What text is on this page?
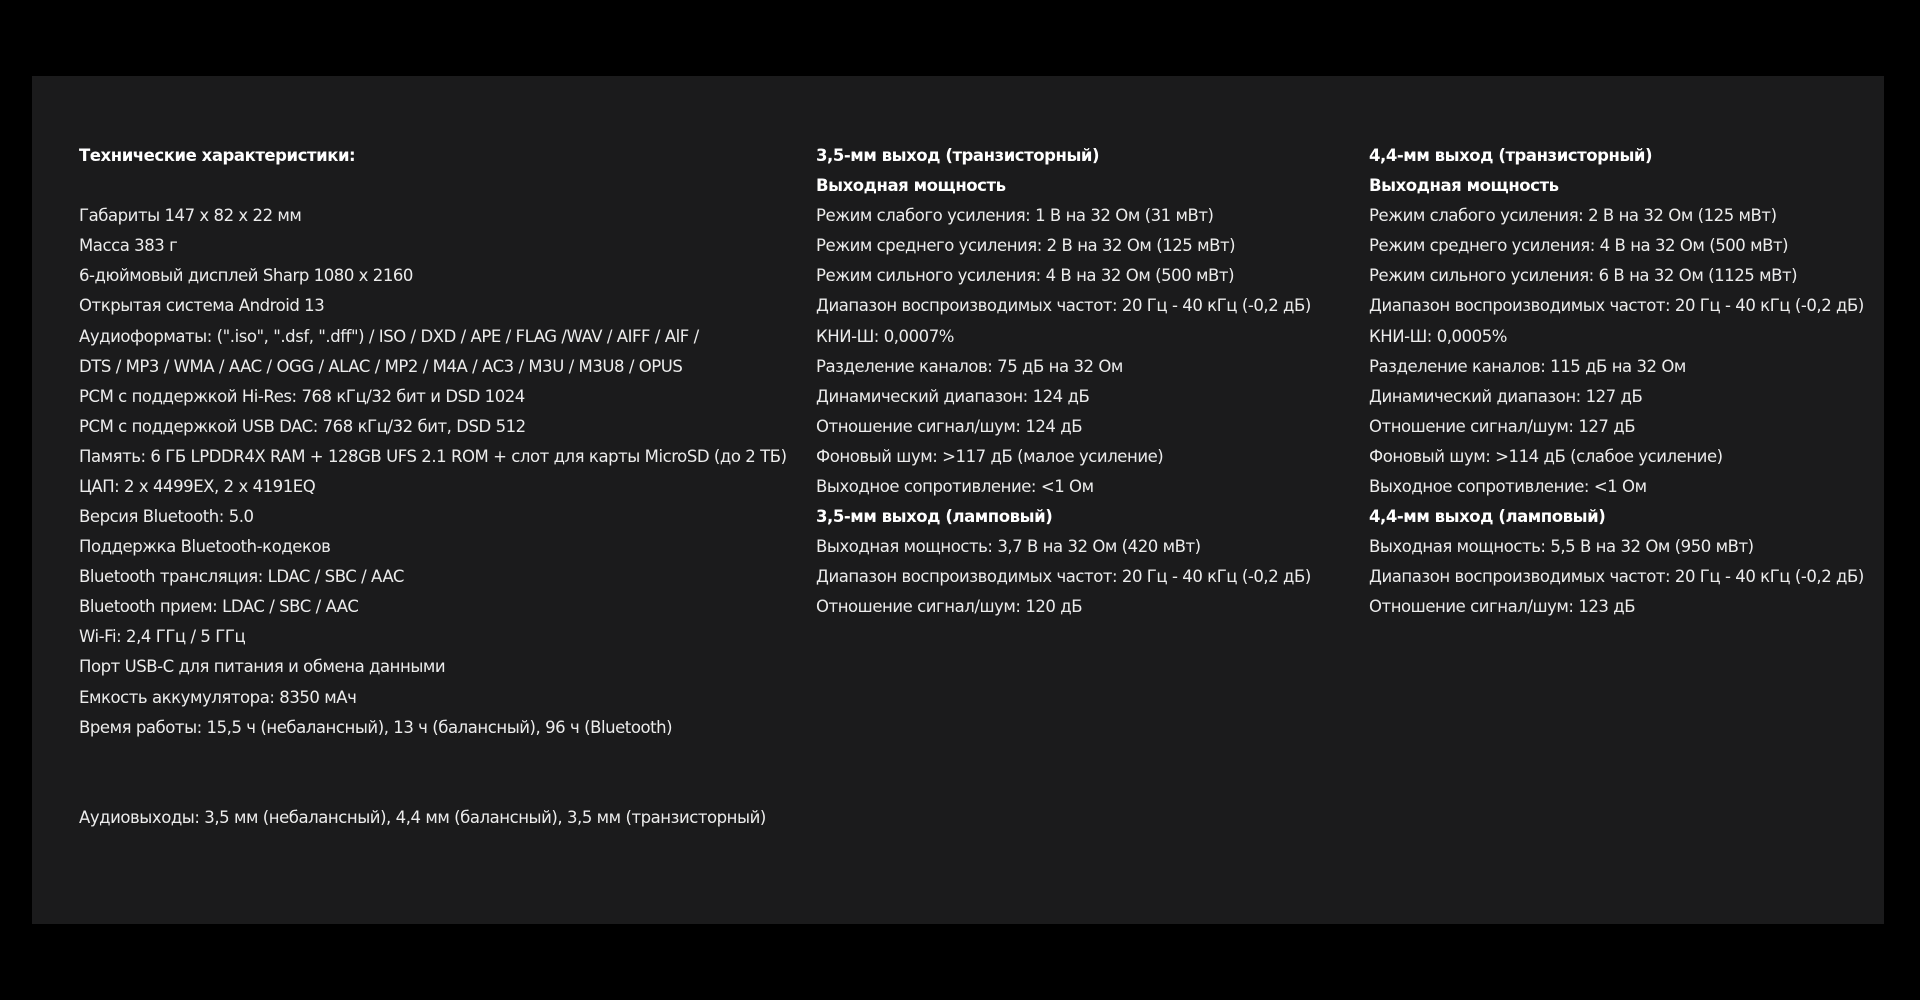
Технические характеристики:
Габариты 147 x 82 x 22 мм
Масса 383 г
6-дюймовый дисплей Sharp 1080 x 2160
Открытая система Android 13
Аудиоформаты: (".iso", ".dsf, ".dff") / ISO / DXD / APE / FLAG /WAV / AIFF / AlF /
DTS / MP3 / WMA / AAC / OGG / ALAC / MP2 / M4A / AC3 / M3U / M3U8 / OPUS
PCM с поддержкой Hi-Res: 768 кГц/32 бит и DSD 1024
PCM с поддержкой USB DAC: 768 кГц/32 бит, DSD 512
Память: 6 ГБ LPDDR4X RAM + 128GB UFS 2.1 ROM + слот для карты MicroSD (до 2 ТБ)
ЦАП: 2 x 4499EX, 2 x 4191EQ
Версия Bluetooth: 5.0
Поддержка Bluetooth-кодеков
Bluetooth трансляция: LDAC / SBC / AAC
Bluetooth прием: LDAC / SBC / AAC
Wi-Fi: 2,4 ГГц / 5 ГГц
Порт USB-C для питания и обмена данными
Емкость аккумулятора: 8350 мАч
Время работы: 15,5 ч (небалансный), 13 ч (балансный), 96 ч (Bluetooth)
Аудиовыходы: 3,5 мм (небалансный), 4,4 мм (балансный), 3,5 мм (транзисторный)
3,5-мм выход (транзисторный)
Выходная мощность
Режим слабого усиления: 1 В на 32 Ом (31 мВт)
Режим среднего усиления: 2 В на 32 Ом (125 мВт)
Режим сильного усиления: 4 В на 32 Ом (500 мВт)
Диапазон воспроизводимых частот: 20 Гц - 40 кГц (-0,2 дБ)
КНИ-Ш: 0,0007%
Разделение каналов: 75 дБ на 32 Ом
Динамический диапазон: 124 дБ
Отношение сигнал/шум: 124 дБ
Фоновый шум: >117 дБ (малое усиление)
Выходное сопротивление: <1 Ом
3,5-мм выход (ламповый)
Выходная мощность: 3,7 В на 32 Ом (420 мВт)
Диапазон воспроизводимых частот: 20 Гц - 40 кГц (-0,2 дБ)
Отношение сигнал/шум: 120 дБ
4,4-мм выход (транзисторный)
Выходная мощность
Режим слабого усиления: 2 В на 32 Ом (125 мВт)
Режим среднего усиления: 4 В на 32 Ом (500 мВт)
Режим сильного усиления: 6 В на 32 Ом (1125 мВт)
Диапазон воспроизводимых частот: 20 Гц - 40 кГц (-0,2 дБ)
КНИ-Ш: 0,0005%
Разделение каналов: 115 дБ на 32 Ом
Динамический диапазон: 127 дБ
Отношение сигнал/шум: 127 дБ
Фоновый шум: >114 дБ (слабое усиление)
Выходное сопротивление: <1 Ом
4,4-мм выход (ламповый)
Выходная мощность: 5,5 В на 32 Ом (950 мВт)
Диапазон воспроизводимых частот: 20 Гц - 40 кГц (-0,2 дБ)
Отношение сигнал/шум: 123 дБ
